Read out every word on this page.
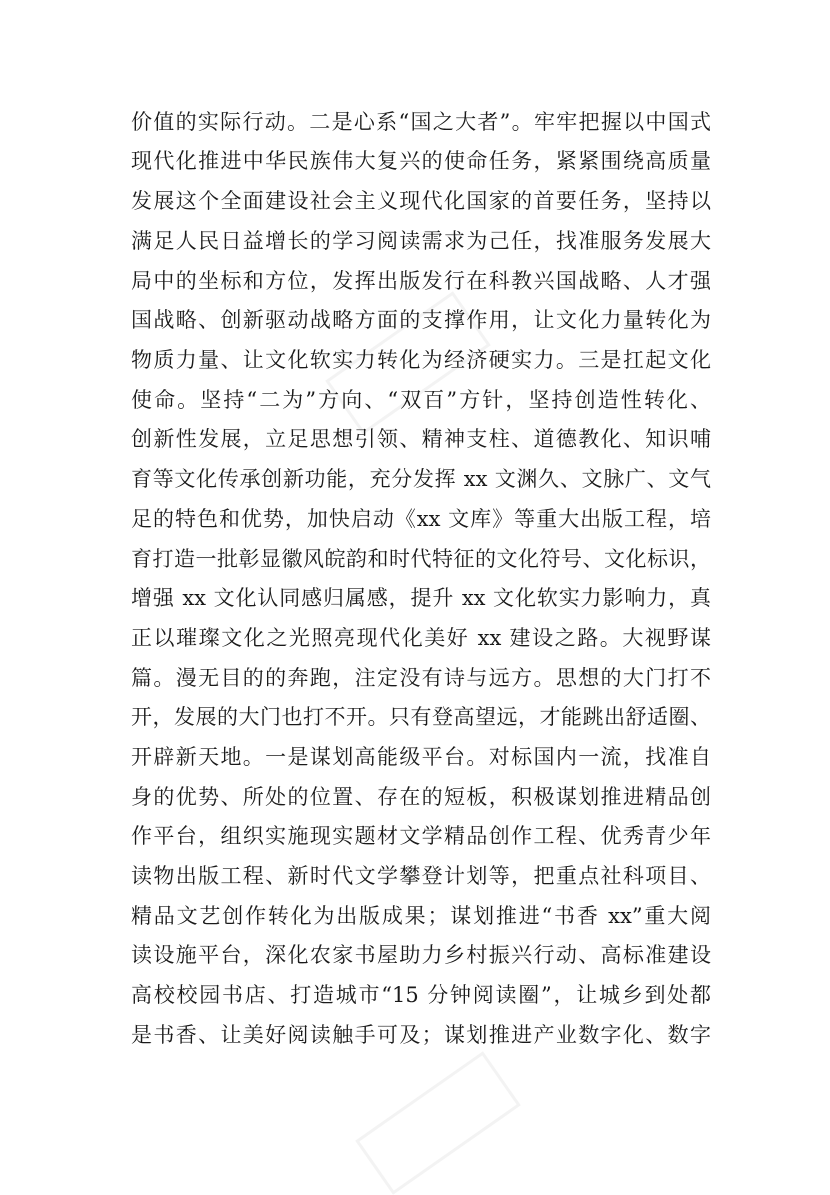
价值的实际行动。二是心系“国之大者”。牢牢把握以中国式
现代化推进中华民族伟大复兴的使命任务，紧紧围绕高质量
发展这个全面建设社会主义现代化国家的首要任务，坚持以
满足人民日益增长的学习阅读需求为己任，找准服务发展大
局中的坐标和方位，发挥出版发行在科教兴国战略、人才强
国战略、创新驱动战略方面的支撑作用，让文化力量转化为
物质力量、让文化软实力转化为经济硬实力。三是扛起文化
使命。坚持“二为”方向、“双百”方针，坚持创造性转化、
创新性发展，立足思想引领、精神支柱、道德教化、知识哺
育等文化传承创新功能，充分发挥 xx 文渊久、文脉广、文气
足的特色和优势，加快启动《xx 文库》等重大出版工程，培
育打造一批彰显徽风皖韵和时代特征的文化符号、文化标识，
增强 xx 文化认同感归属感，提升 xx 文化软实力影响力，真
正以璀璨文化之光照亮现代化美好 xx 建设之路。大视野谋
篇。漫无目的的奔跑，注定没有诗与远方。思想的大门打不
开，发展的大门也打不开。只有登高望远，才能跳出舒适圈、
开辟新天地。一是谋划高能级平台。对标国内一流，找准自
身的优势、所处的位置、存在的短板，积极谋划推进精品创
作平台，组织实施现实题材文学精品创作工程、优秀青少年
读物出版工程、新时代文学攀登计划等，把重点社科项目、
精品文艺创作转化为出版成果；谋划推进“书香 xx”重大阅
读设施平台，深化农家书屋助力乡村振兴行动、高标准建设
高校校园书店、打造城市“15 分钟阅读圈”，让城乡到处都
是书香、让美好阅读触手可及；谋划推进产业数字化、数字
